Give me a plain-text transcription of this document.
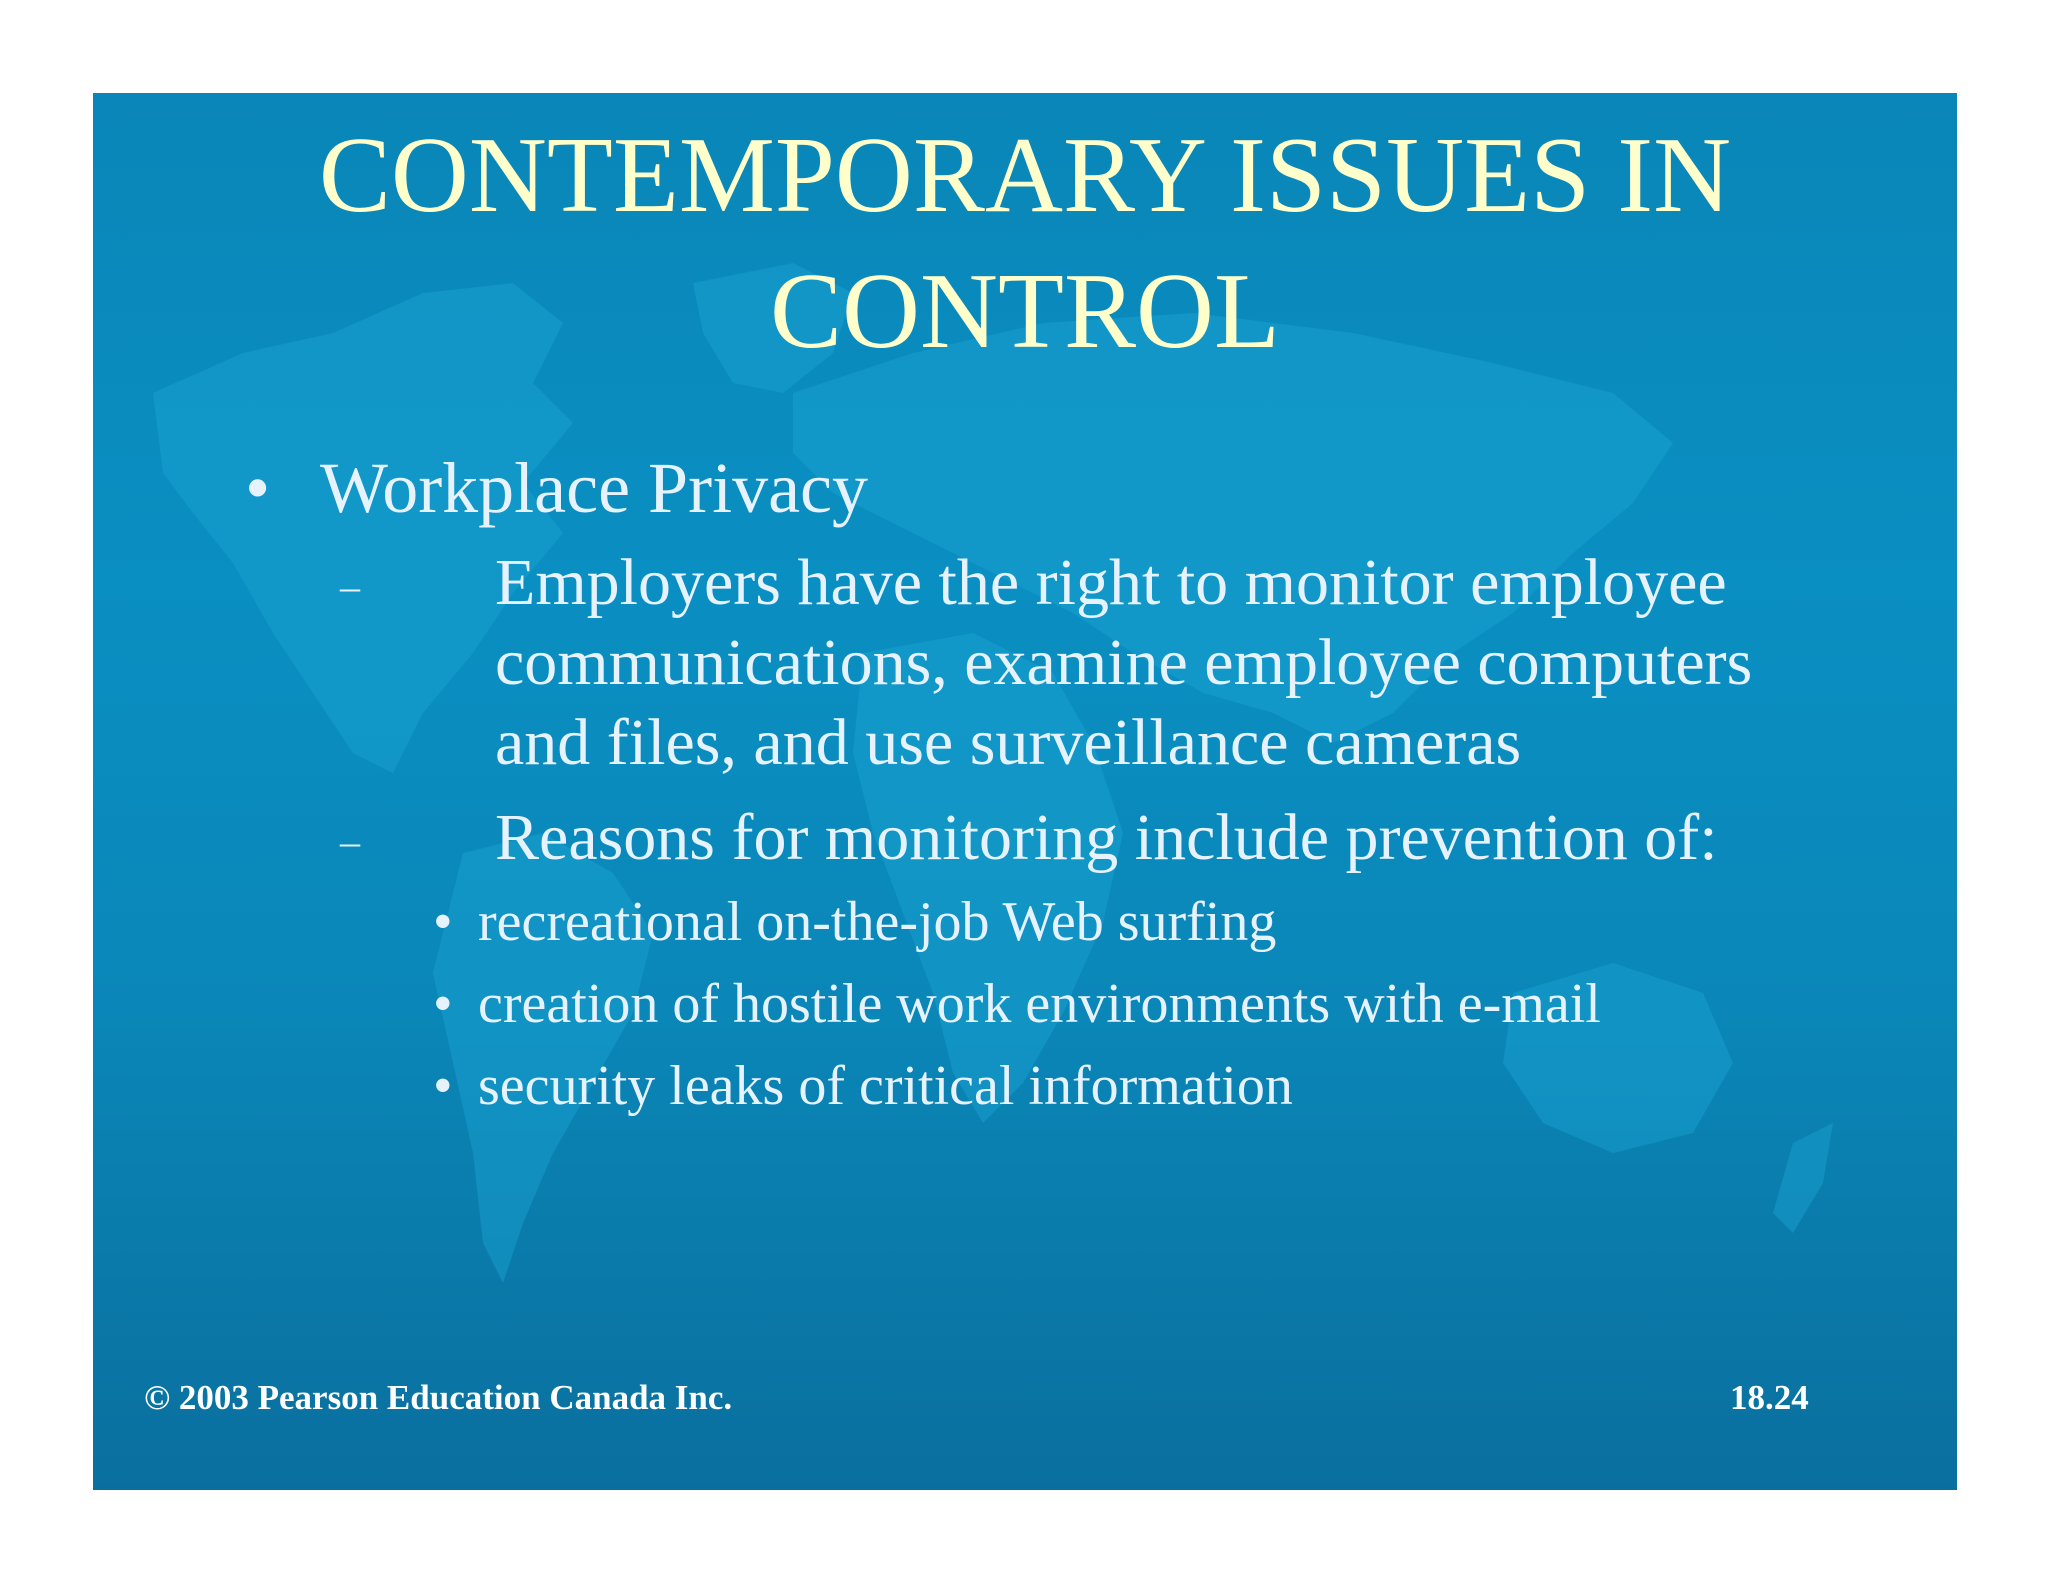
CONTEMPORARY ISSUES IN
CONTROL
• Workplace Privacy
– Employers have the right to monitor employee
communications, examine employee computers
and files, and use surveillance cameras
– Reasons for monitoring include prevention of:
• recreational on-the-job Web surfing
• creation of hostile work environments with e-mail
• security leaks of critical information
© 2003 Pearson Education Canada Inc.	18.24
